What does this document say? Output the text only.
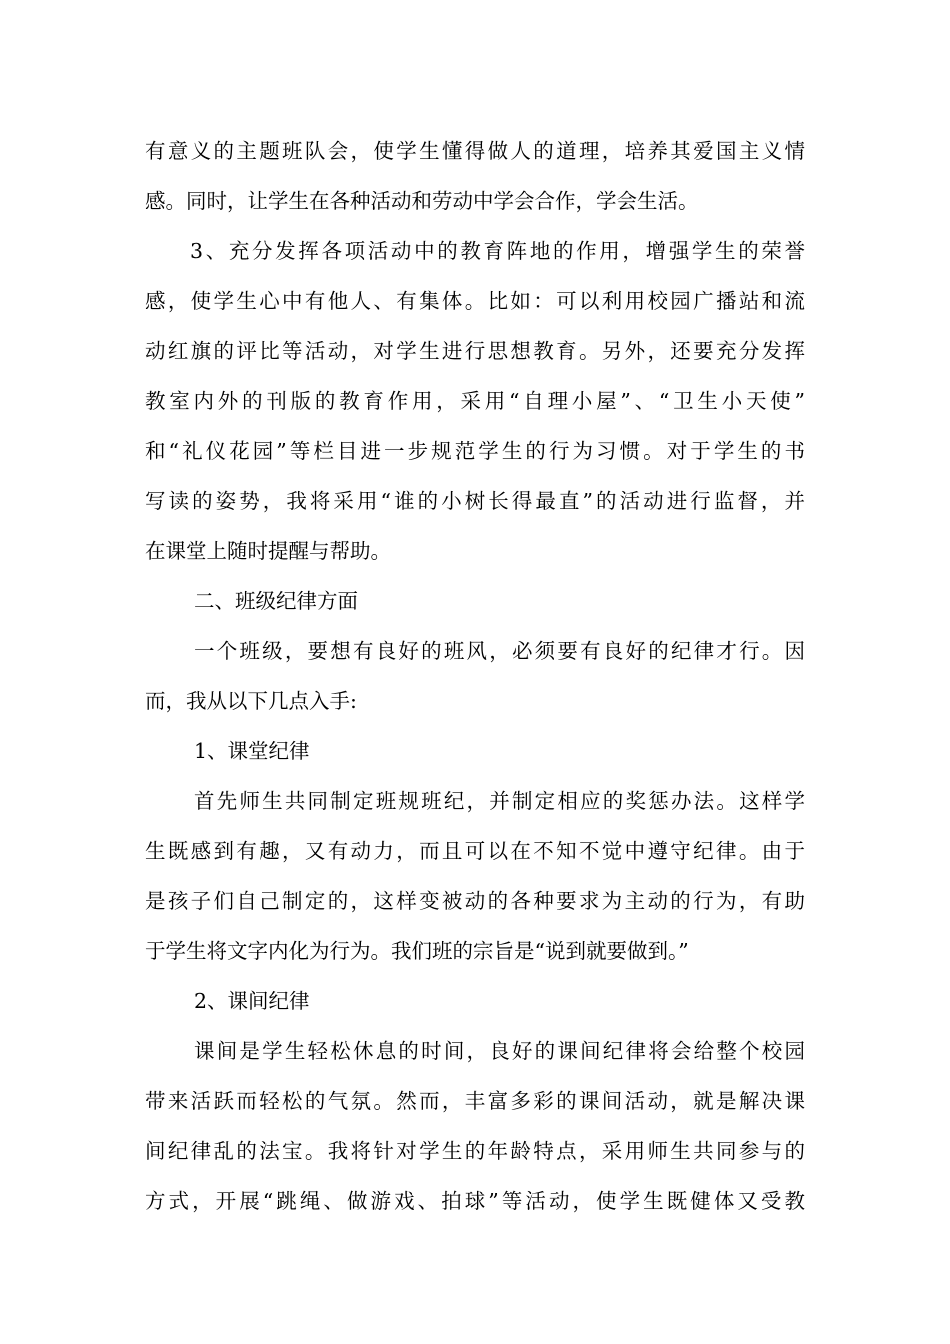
有意义的主题班队会，使学生懂得做人的道理，培养其爱国主义情
感。同时，让学生在各种活动和劳动中学会合作，学会生活。
3、充分发挥各项活动中的教育阵地的作用，增强学生的荣誉
感，使学生心中有他人、有集体。比如：可以利用校园广播站和流
动红旗的评比等活动，对学生进行思想教育。另外，还要充分发挥
教室内外的刊版的教育作用，采用“自理小屋”、“卫生小天使”
和“礼仪花园”等栏目进一步规范学生的行为习惯。对于学生的书
写读的姿势，我将采用“谁的小树长得最直”的活动进行监督，并
在课堂上随时提醒与帮助。
二、班级纪律方面
一个班级，要想有良好的班风，必须要有良好的纪律才行。因
而，我从以下几点入手:
1、课堂纪律
首先师生共同制定班规班纪，并制定相应的奖惩办法。这样学
生既感到有趣，又有动力，而且可以在不知不觉中遵守纪律。由于
是孩子们自己制定的，这样变被动的各种要求为主动的行为，有助
于学生将文字内化为行为。我们班的宗旨是“说到就要做到。”
2、课间纪律
课间是学生轻松休息的时间，良好的课间纪律将会给整个校园
带来活跃而轻松的气氛。然而，丰富多彩的课间活动，就是解决课
间纪律乱的法宝。我将针对学生的年龄特点，采用师生共同参与的
方式，开展“跳绳、做游戏、拍球”等活动，使学生既健体又受教
